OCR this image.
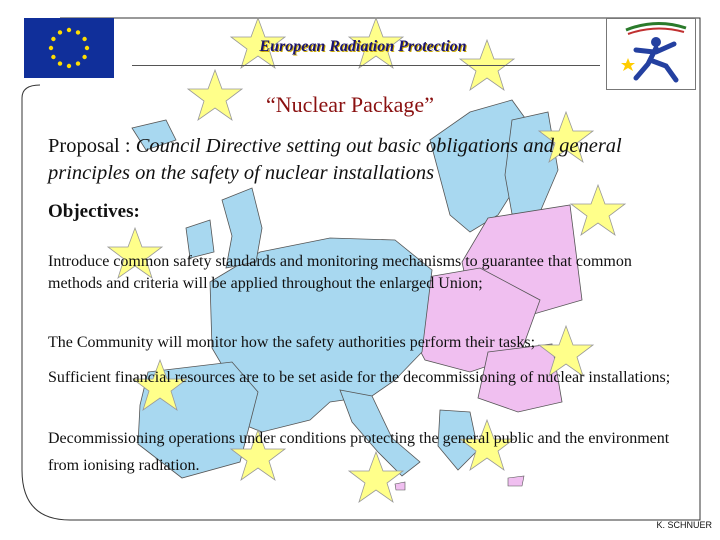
European Radiation Protection
“Nuclear Package”
Proposal : Council Directive setting out basic obligations and general principles on the safety of nuclear installations
Objectives:
Introduce common safety standards and monitoring mechanisms to guarantee that common methods and criteria will be applied throughout the enlarged Union;
The Community will monitor how the safety authorities perform their tasks;
Sufficient financial resources are to be set aside for the decommissioning of nuclear installations;
Decommissioning operations under conditions protecting the general public and the environment from ionising radiation.
K. SCHNUER
